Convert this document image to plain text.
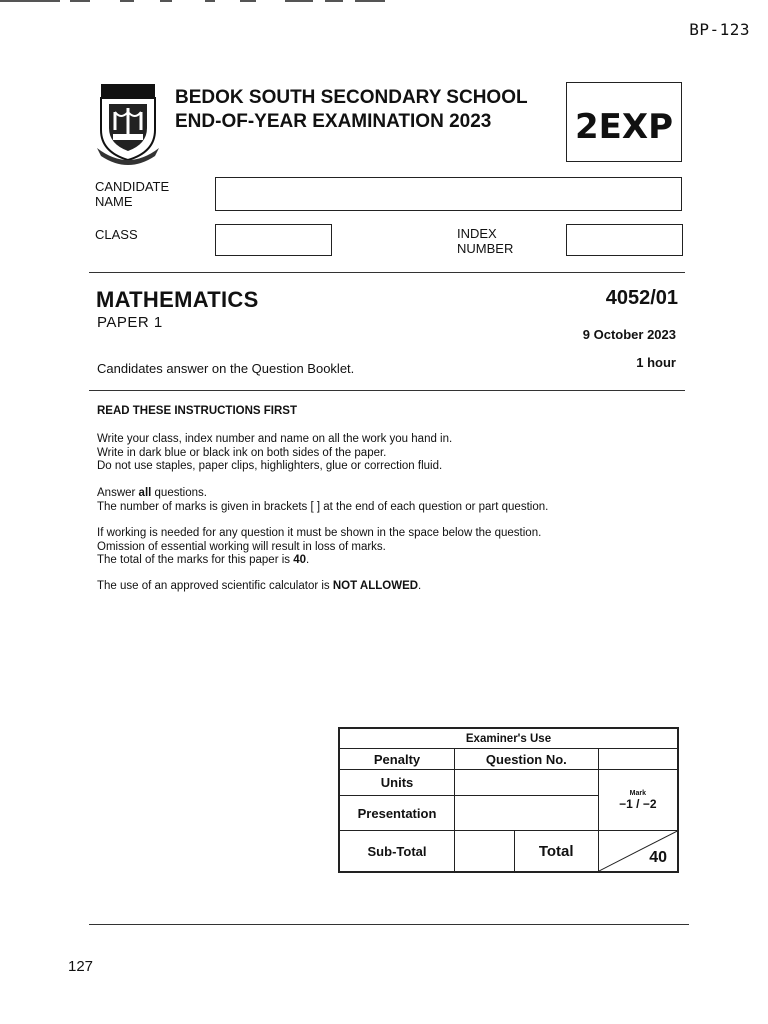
BP-123
BEDOK SOUTH SECONDARY SCHOOL
END-OF-YEAR EXAMINATION 2023 2EXP
CANDIDATE
NAME
CLASS	INDEX
NUMBER
MATHEMATICS
PAPER 1
4052/01
9 October 2023
1 hour
Candidates answer on the Question Booklet.
READ THESE INSTRUCTIONS FIRST

Write your class, index number and name on all the work you hand in.

Write in dark blue or black ink on both sides of the paper.

Do not use staples, paper clips, highlighters, glue or correction fluid.

Answer all questions.

The number of marks is given in brackets [ ] at the end of each question or part question.

If working is needed for any question it must be shown in the space below the question.

Omission of essential working will result in loss of marks.

The total of the marks for this paper is 40.

The use of an approved scientific calculator is NOT ALLOWED.

Examiner's Use			
Penalty	Question No.		
Units			Mark
−1 / −2

Presentation			
Sub-Total		Total	40
127
